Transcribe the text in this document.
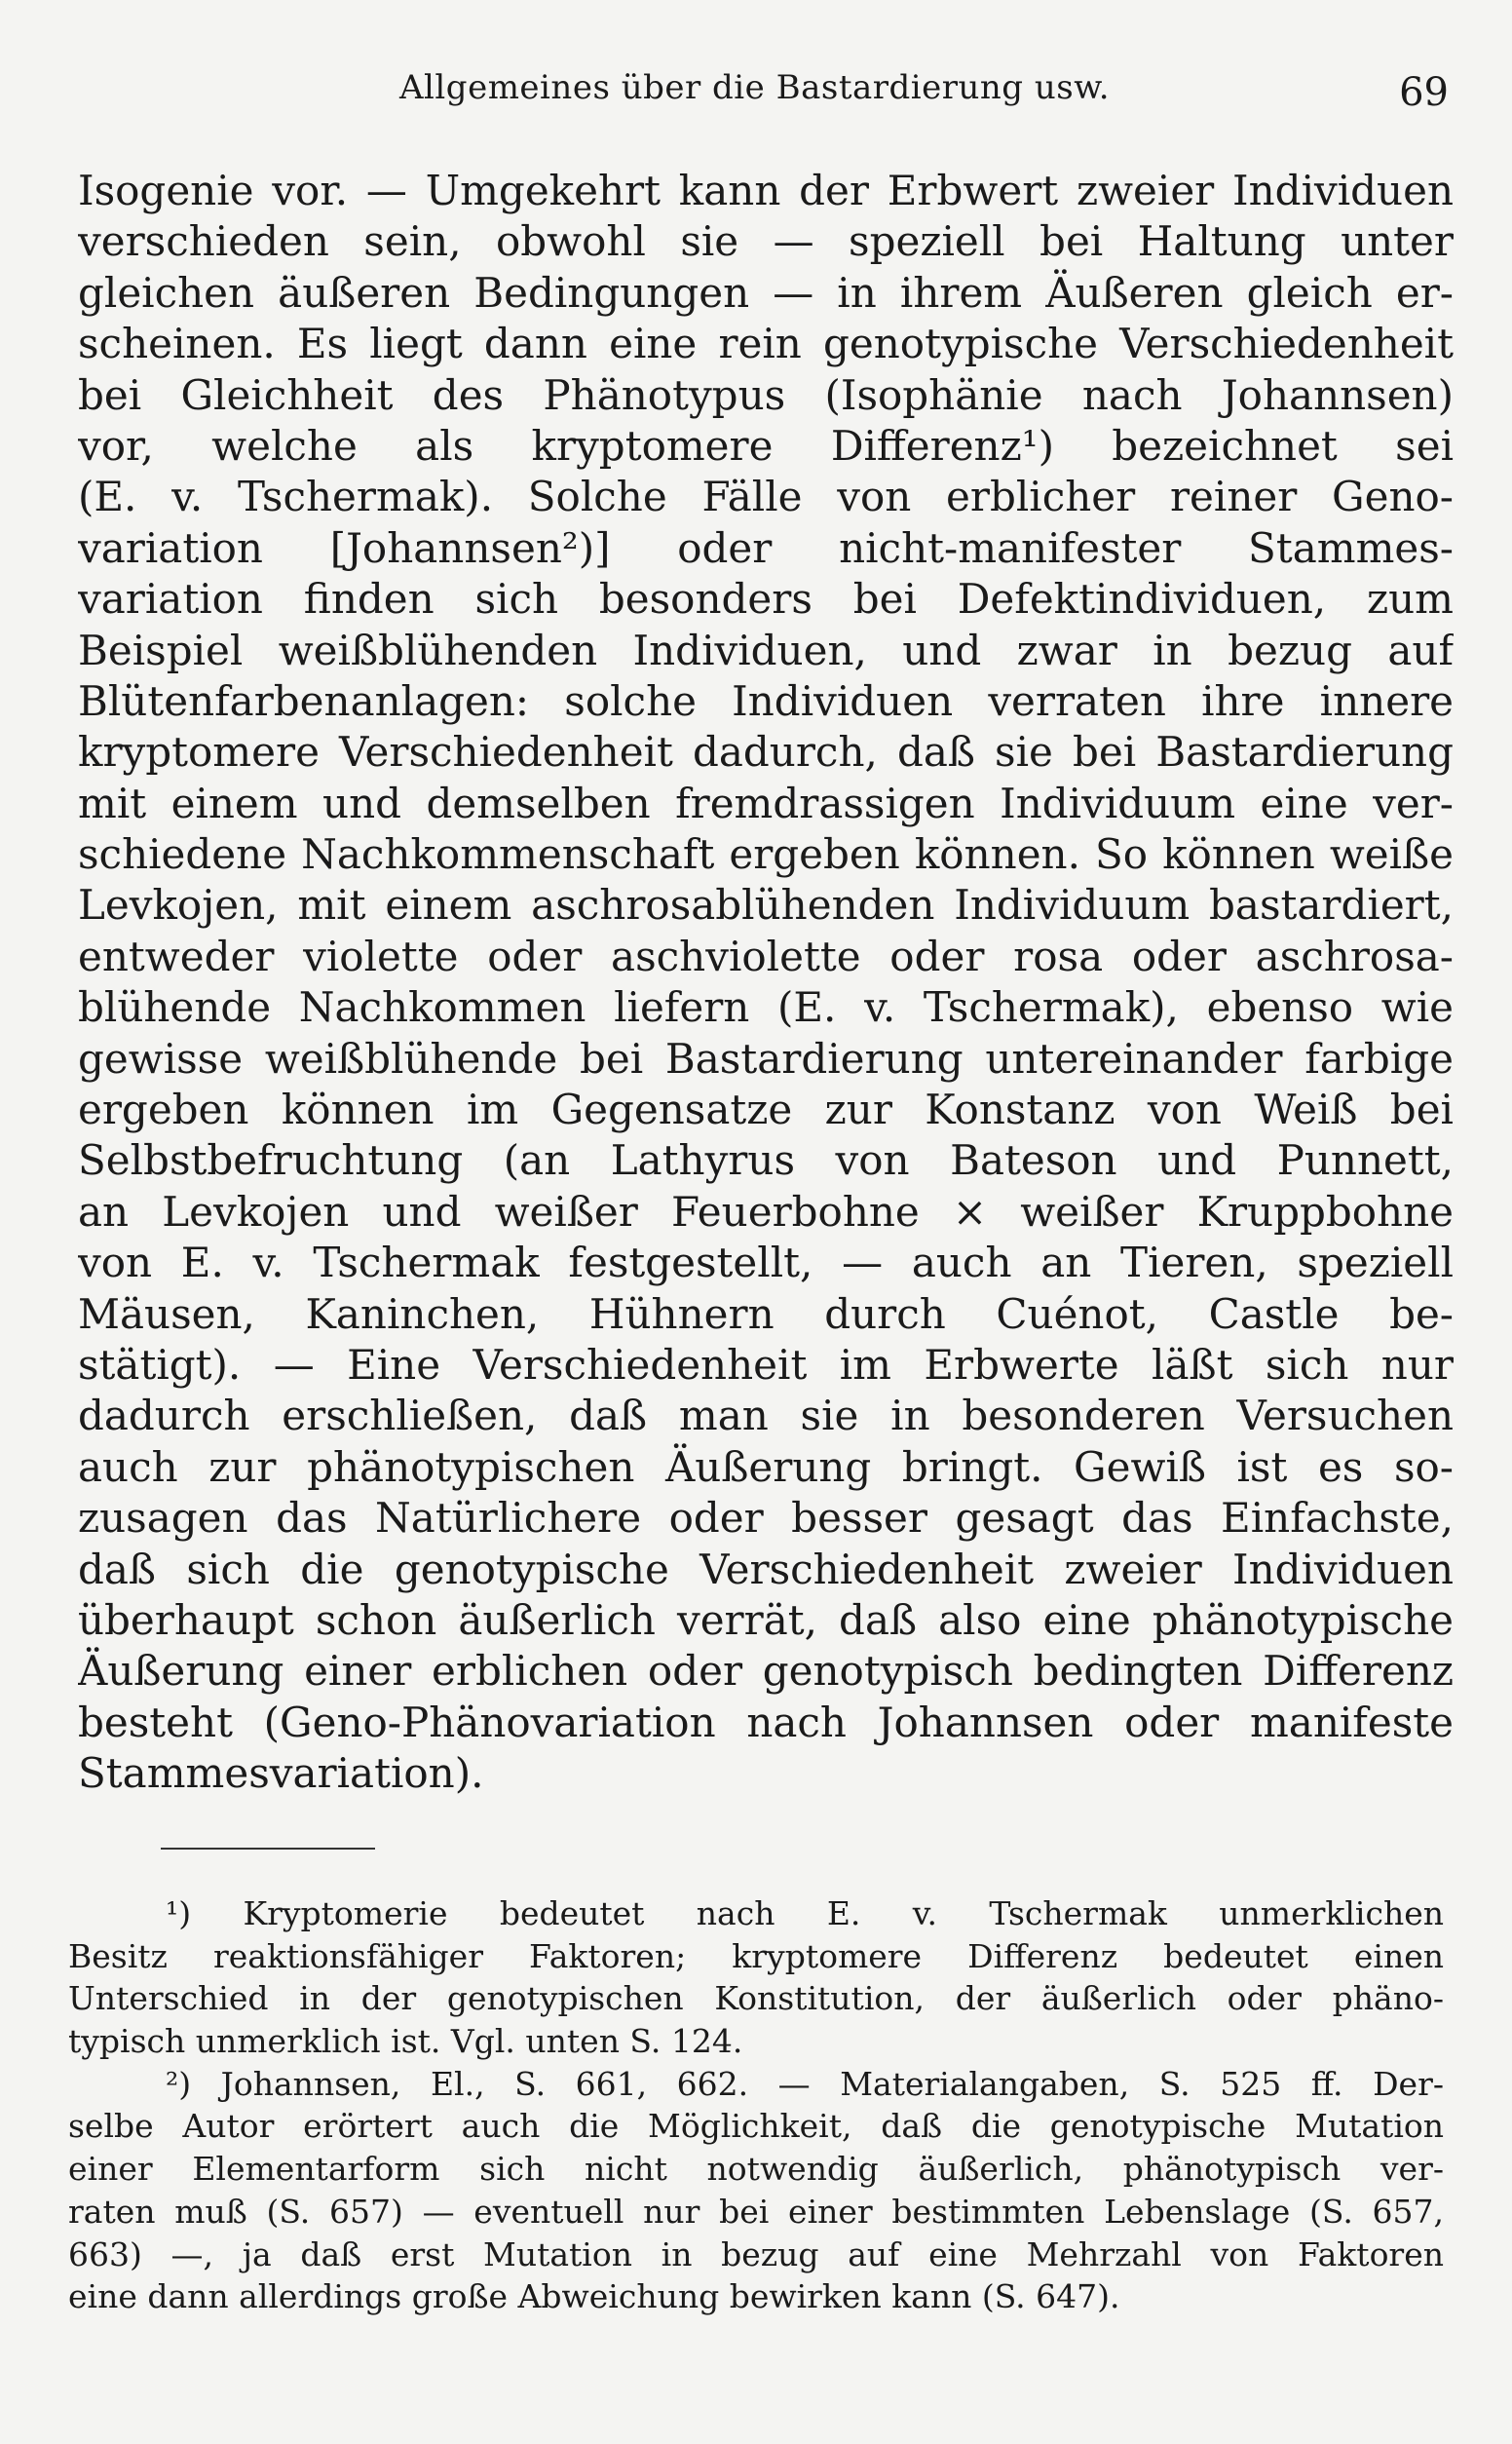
Allgemeines über die Bastardierung usw.	69
Isogenie vor. — Umgekehrt kann der Erbwert zweier Individuen
verschieden sein, obwohl sie — speziell bei Haltung unter
gleichen äußeren Bedingungen — in ihrem Äußeren gleich er-
scheinen. Es liegt dann eine rein genotypische Verschiedenheit
bei Gleichheit des Phänotypus (Isophänie nach Johannsen)
vor, welche als kryptomere Differenz¹) bezeichnet sei
(E. v. Tschermak). Solche Fälle von erblicher reiner Geno-
variation [Johannsen²)] oder nicht-manifester Stammes-
variation finden sich besonders bei Defektindividuen, zum
Beispiel weißblühenden Individuen, und zwar in bezug auf
Blütenfarbenanlagen: solche Individuen verraten ihre innere
kryptomere Verschiedenheit dadurch, daß sie bei Bastardierung
mit einem und demselben fremdrassigen Individuum eine ver-
schiedene Nachkommenschaft ergeben können. So können weiße
Levkojen, mit einem aschrosablühenden Individuum bastardiert,
entweder violette oder aschviolette oder rosa oder aschrosa-
blühende Nachkommen liefern (E. v. Tschermak), ebenso wie
gewisse weißblühende bei Bastardierung untereinander farbige
ergeben können im Gegensatze zur Konstanz von Weiß bei
Selbstbefruchtung (an Lathyrus von Bateson und Punnett,
an Levkojen und weißer Feuerbohne × weißer Kruppbohne
von E. v. Tschermak festgestellt, — auch an Tieren, speziell
Mäusen, Kaninchen, Hühnern durch Cuénot, Castle be-
stätigt). — Eine Verschiedenheit im Erbwerte läßt sich nur
dadurch erschließen, daß man sie in besonderen Versuchen
auch zur phänotypischen Äußerung bringt. Gewiß ist es so-
zusagen das Natürlichere oder besser gesagt das Einfachste,
daß sich die genotypische Verschiedenheit zweier Individuen
überhaupt schon äußerlich verrät, daß also eine phänotypische
Äußerung einer erblichen oder genotypisch bedingten Differenz
besteht (Geno-Phänovariation nach Johannsen oder manifeste
Stammesvariation).
¹) Kryptomerie bedeutet nach E. v. Tschermak unmerklichen
Besitz reaktionsfähiger Faktoren; kryptomere Differenz bedeutet einen
Unterschied in der genotypischen Konstitution, der äußerlich oder phäno-
typisch unmerklich ist. Vgl. unten S. 124.
²) Johannsen, El., S. 661, 662. — Materialangaben, S. 525 ff. Der-
selbe Autor erörtert auch die Möglichkeit, daß die genotypische Mutation
einer Elementarform sich nicht notwendig äußerlich, phänotypisch ver-
raten muß (S. 657) — eventuell nur bei einer bestimmten Lebenslage (S. 657,
663) —, ja daß erst Mutation in bezug auf eine Mehrzahl von Faktoren
eine dann allerdings große Abweichung bewirken kann (S. 647).
